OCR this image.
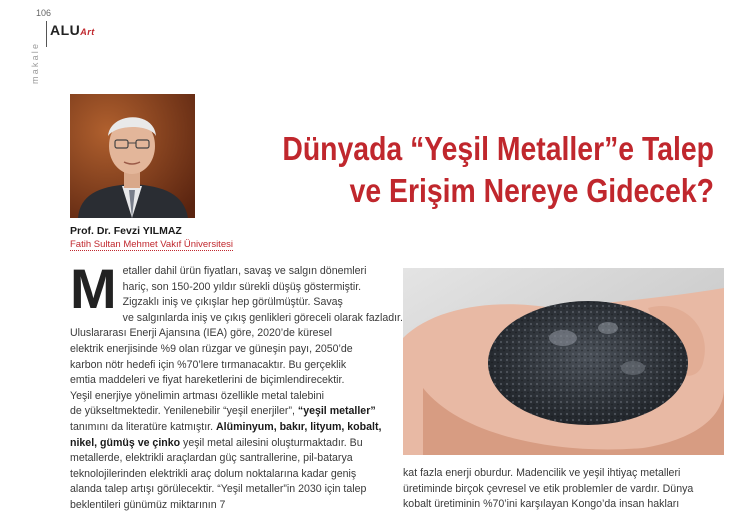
106
ALUArt
makale
Prof. Dr. Fevzi YILMAZ
Fatih Sultan Mehmet Vakıf Üniversitesi
Dünyada “Yeşil Metaller”e Talep
ve Erişim Nereye Gidecek?
M etaller dahil ürün fiyatları, savaş ve salgın dönemleri
hariç, son 150-200 yıldır sürekli düşüş göstermiştir.
Zigzaklı iniş ve çıkışlar hep görülmüştür. Savaş
ve salgınlarda iniş ve çıkış genlikleri göreceli olarak fazladır.
Uluslararası Enerji Ajansına (IEA) göre, 2020’de küresel
elektrik enerjisinde %9 olan rüzgar ve güneşin payı, 2050’de
karbon nötr hedefi için %70’lere tırmanacaktır. Bu gerçeklik
emtia maddeleri ve fiyat hareketlerini de biçimlendirecektir.
Yeşil enerjiye yönelimin artması özellikle metal talebini
de yükseltmektedir. Yenilenebilir “yeşil enerjiler”, “yeşil metaller”
tanımını da literatüre katmıştır. Alüminyum, bakır, lityum, kobalt, nikel, gümüş ve çinko yeşil metal ailesini oluşturmaktadır. Bu metallerde, elektrikli araçlardan güç santrallerine, pil-batarya teknolojilerinden elektrikli araç dolum noktalarına kadar geniş alanda talep artışı görülecektir. “Yeşil metaller”in 2030 için talep beklentileri günümüz miktarının 7
kat fazla enerji oburdur. Madencilik ve yeşil ihtiyaç metalleri
üretiminde birçok çevresel ve etik problemler de vardır. Dünya
kobalt üretiminin %70’ini karşılayan Kongo’da insan hakları
